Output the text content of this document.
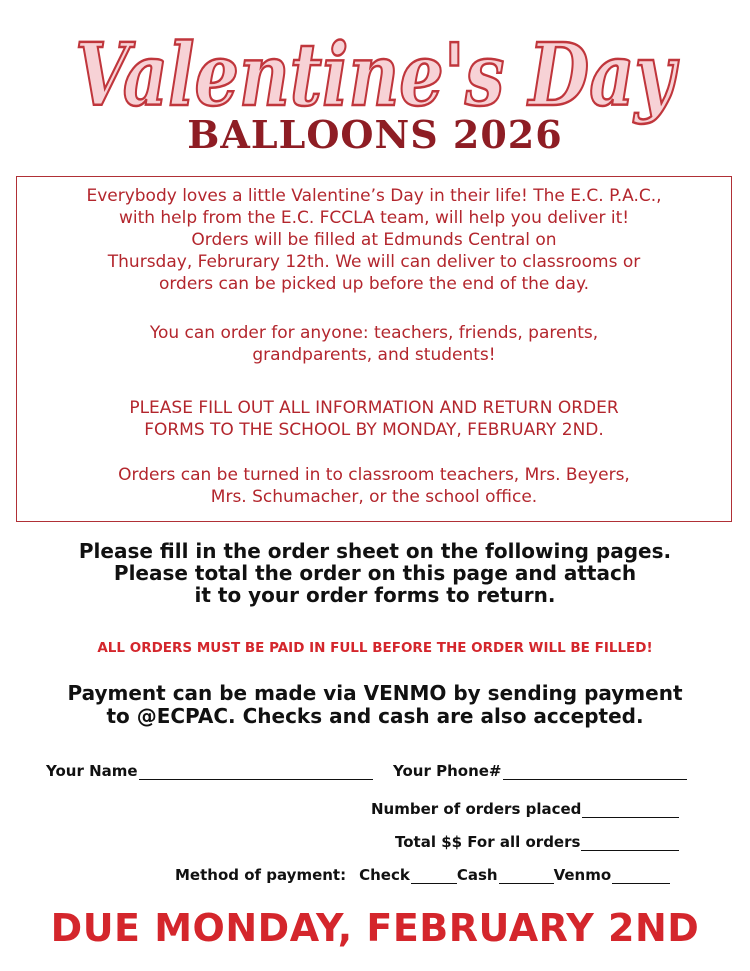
Valentine's Day
BALLOONS 2026

Everybody loves a little Valentine’s Day in their life! The E.C. P.A.C.,
with help from the E.C. FCCLA team, will help you deliver it!
Orders will be filled at Edmunds Central on
Thursday, Februrary 12th. We will can deliver to classrooms or
orders can be picked up before the end of the day.

You can order for anyone: teachers, friends, parents,
grandparents, and students!

PLEASE FILL OUT ALL INFORMATION AND RETURN ORDER
FORMS TO THE SCHOOL BY MONDAY, FEBRUARY 2ND.

Orders can be turned in to classroom teachers, Mrs. Beyers,
Mrs. Schumacher, or the school office.

Please fill in the order sheet on the following pages.
Please total the order on this page and attach
it to your order forms to return.
ALL ORDERS MUST BE PAID IN FULL BEFORE THE ORDER WILL BE FILLED!
Payment can be made via VENMO by sending payment
to @ECPAC. Checks and cash are also accepted.
Your Name	Your Phone#
Number of orders placed
Total $$ For all orders
Method of payment: Check	Cash	Venmo
DUE MONDAY, FEBRUARY 2ND
